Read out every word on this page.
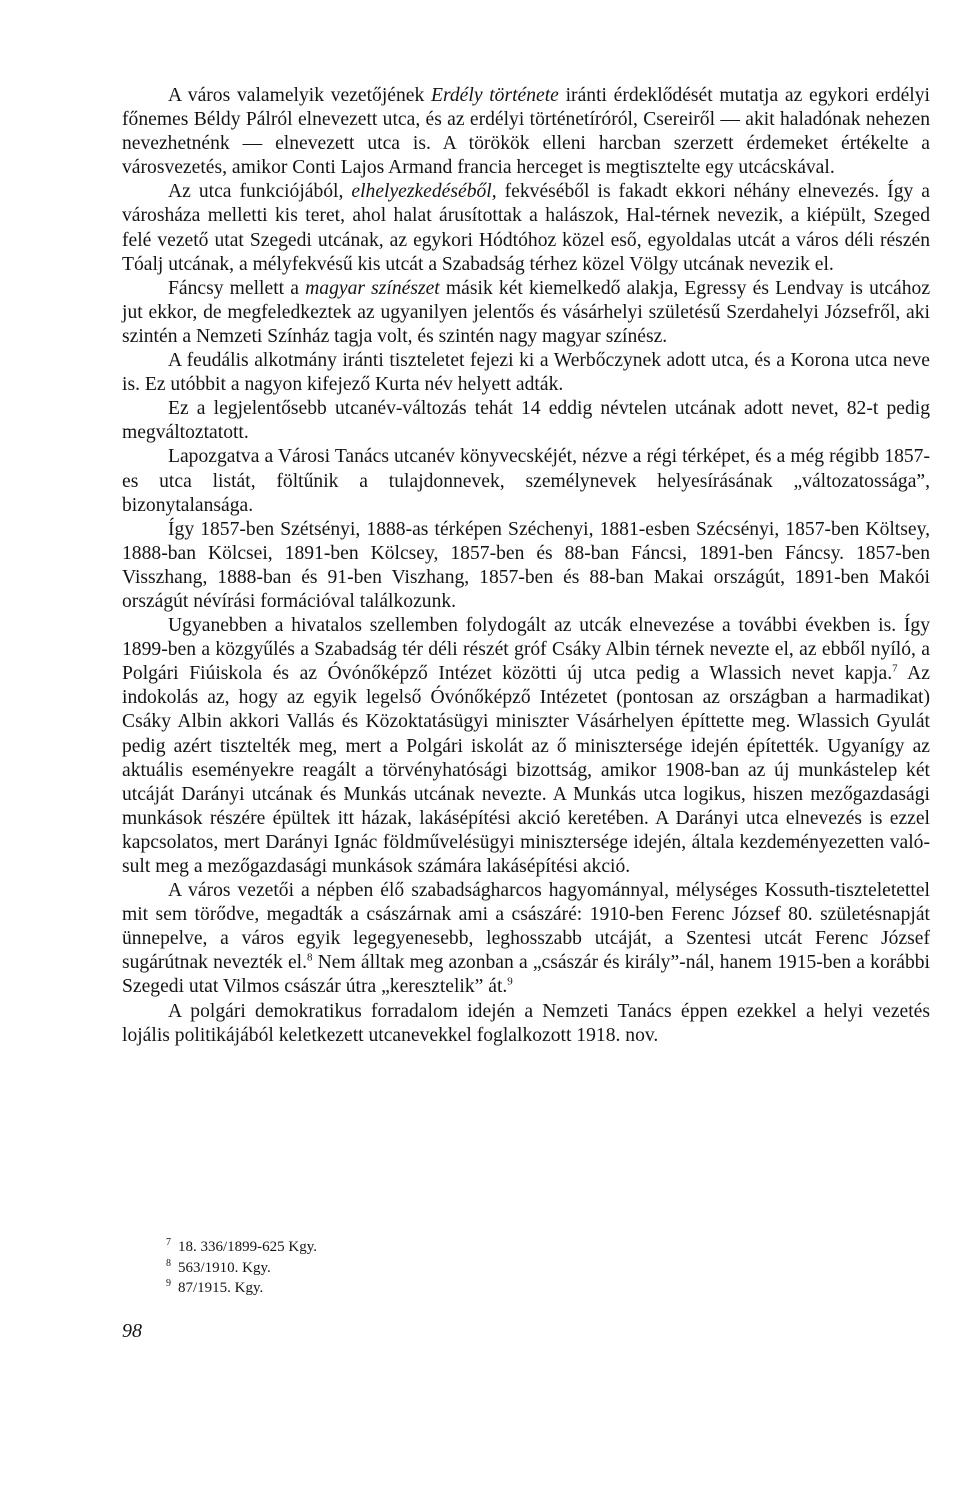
A város valamelyik vezetőjének Erdély története iránti érdeklődését mutatja az egykori erdélyi főnemes Béldy Pálról elnevezett utca, és az erdélyi történetíróról, Csereiről — akit haladónak nehezen nevezhetnénk — elnevezett utca is. A törökök elleni harcban szerzett érdemeket értékelte a városvezetés, amikor Conti Lajos Armand francia herceget is megtisztelte egy utcácskával.

Az utca funkciójából, elhelyezkedéséből, fekvéséből is fakadt ekkori néhány elnevezés. Így a városháza melletti kis teret, ahol halat árusítottak a halászok, Hal-térnek nevezik, a kiépült, Szeged felé vezető utat Szegedi utcának, az egykori Hódtóhoz közel eső, egyoldalas utcát a város déli részén Tóalj utcának, a mélyfekvésű kis utcát a Szabadság térhez közel Völgy utcának nevezik el.

Fáncsy mellett a magyar színészet másik két kiemelkedő alakja, Egressy és Lendvay is utcához jut ekkor, de megfeledkeztek az ugyanilyen jelentős és vásárhelyi születésű Szerdahelyi Józsefről, aki szintén a Nemzeti Színház tagja volt, és szintén nagy magyar színész.

A feudális alkotmány iránti tiszteletet fejezi ki a Werbőczynek adott utca, és a Korona utca neve is. Ez utóbbit a nagyon kifejező Kurta név helyett adták.

Ez a legjelentősebb utcanév-változás tehát 14 eddig névtelen utcának adott nevet, 82-t pedig megváltoztatott.

Lapozgatva a Városi Tanács utcanév könyvecskéjét, nézve a régi térképet, és a még régibb 1857-es utca listát, föltűnik a tulajdonnevek, személynevek helyesírásának „változatossága”, bizonytalansága.

Így 1857-ben Szétsényi, 1888-as térképen Széchenyi, 1881-esben Szécsényi, 1857-ben Költsey, 1888-ban Kölcsei, 1891-ben Kölcsey, 1857-ben és 88-ban Fáncsi, 1891-ben Fáncsy. 1857-ben Visszhang, 1888-ban és 91-ben Viszhang, 1857-ben és 88-ban Makai országút, 1891-ben Makói országút névírási formációval találkozunk.

Ugyanebben a hivatalos szellemben folydogált az utcák elnevezése a további években is. Így 1899-ben a közgyűlés a Szabadság tér déli részét gróf Csáky Albin térnek nevezte el, az ebből nyíló, a Polgári Fiúiskola és az Óvónőképző Intézet közötti új utca pedig a Wlassich nevet kapja.$^7$ Az indokolás az, hogy az egyik legelső Óvónőképző Intézetet (pontosan az országban a harmadikat) Csáky Albin akkori Vallás és Közoktatásügyi miniszter Vásárhelyen építtette meg. Wlassich Gyulát pedig azért tisztelték meg, mert a Polgári iskolát az ő minisztersége idején építették. Ugyanígy az aktuális eseményekre reagált a törvényhatósági bizottság, amikor 1908-ban az új munkástelep két utcáját Darányi utcának és Munkás utcának nevezte. A Munkás utca logikus, hiszen mezőgazdasági munkások részére épültek itt házak, lakásépítési akció keretében. A Darányi utca elnevezés is ezzel kapcsolatos, mert Darányi Ignác földművelésügyi minisztersége idején, általa kezdeményezetten valósult meg a mezőgazdasági munkások számára lakásépítési akció.

A város vezetői a népben élő szabadságharcos hagyománnyal, mélységes Kossuth-tiszteletettel mit sem törődve, megadták a császárnak ami a császáré: 1910-ben Ferenc József 80. születésnapját ünnepelve, a város egyik legegyenesebb, leghosszabb utcáját, a Szentesi utcát Ferenc József sugárútnak nevezték el.$^8$ Nem álltak meg azonban a „császár és király”-nál, hanem 1915-ben a korábbi Szegedi utat Vilmos császár útra „keresztelik” át.$^9$

A polgári demokratikus forradalom idején a Nemzeti Tanács éppen ezekkel a helyi vezetés lojális politikájából keletkezett utcanevekkel foglalkozott 1918. nov.

$^7$ 18. 336/1899-625 Kgy.

$^8$ 563/1910. Kgy.

$^9$ 87/1915. Kgy.

98
